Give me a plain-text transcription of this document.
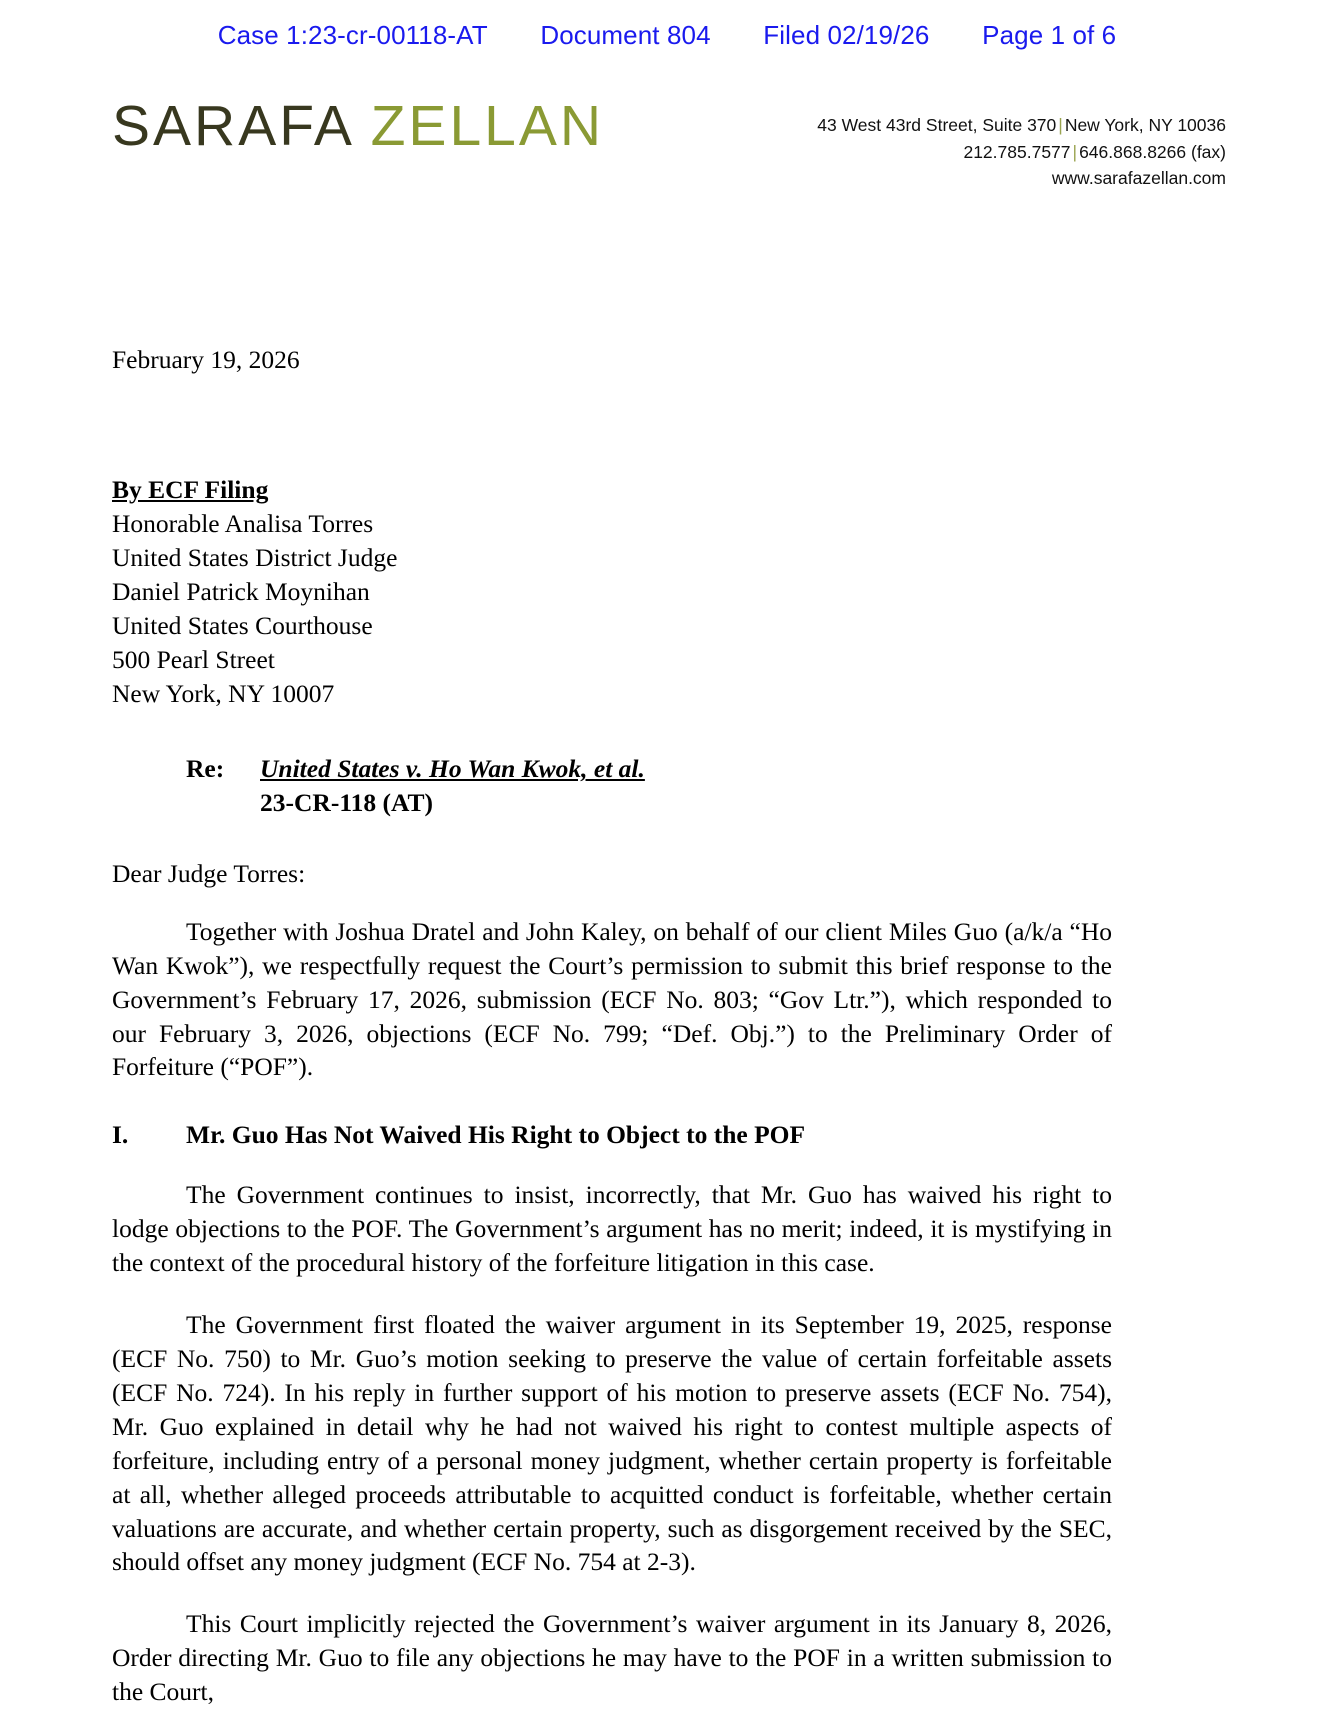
Case 1:23-cr-00118-AT Document 804 Filed 02/19/26 Page 1 of 6
SARAFA ZELLAN	43 West 43rd Street, Suite 370 | New York, NY 10036
212.785.7577 | 646.868.8266 (fax)
www.sarafazellan.com
February 19, 2026
By ECF Filing
Honorable Analisa Torres
United States District Judge
Daniel Patrick Moynihan
United States Courthouse
500 Pearl Street
New York, NY 10007
Re:	United States v. Ho Wan Kwok, et al.
23-CR-118 (AT)
Dear Judge Torres:

Together with Joshua Dratel and John Kaley, on behalf of our client Miles Guo (a/k/a “Ho Wan Kwok”), we respectfully request the Court’s permission to submit this brief response to the Government’s February 17, 2026, submission (ECF No. 803; “Gov Ltr.”), which responded to our February 3, 2026, objections (ECF No. 799; “Def. Obj.”) to the Preliminary Order of Forfeiture (“POF”).

I.	Mr. Guo Has Not Waived His Right to Object to the POF

The Government continues to insist, incorrectly, that Mr. Guo has waived his right to lodge objections to the POF. The Government’s argument has no merit; indeed, it is mystifying in the context of the procedural history of the forfeiture litigation in this case.

The Government first floated the waiver argument in its September 19, 2025, response (ECF No. 750) to Mr. Guo’s motion seeking to preserve the value of certain forfeitable assets (ECF No. 724). In his reply in further support of his motion to preserve assets (ECF No. 754), Mr. Guo explained in detail why he had not waived his right to contest multiple aspects of forfeiture, including entry of a personal money judgment, whether certain property is forfeitable at all, whether alleged proceeds attributable to acquitted conduct is forfeitable, whether certain valuations are accurate, and whether certain property, such as disgorgement received by the SEC, should offset any money judgment (ECF No. 754 at 2-3).

This Court implicitly rejected the Government’s waiver argument in its January 8, 2026, Order directing Mr. Guo to file any objections he may have to the POF in a written submission to the Court,
